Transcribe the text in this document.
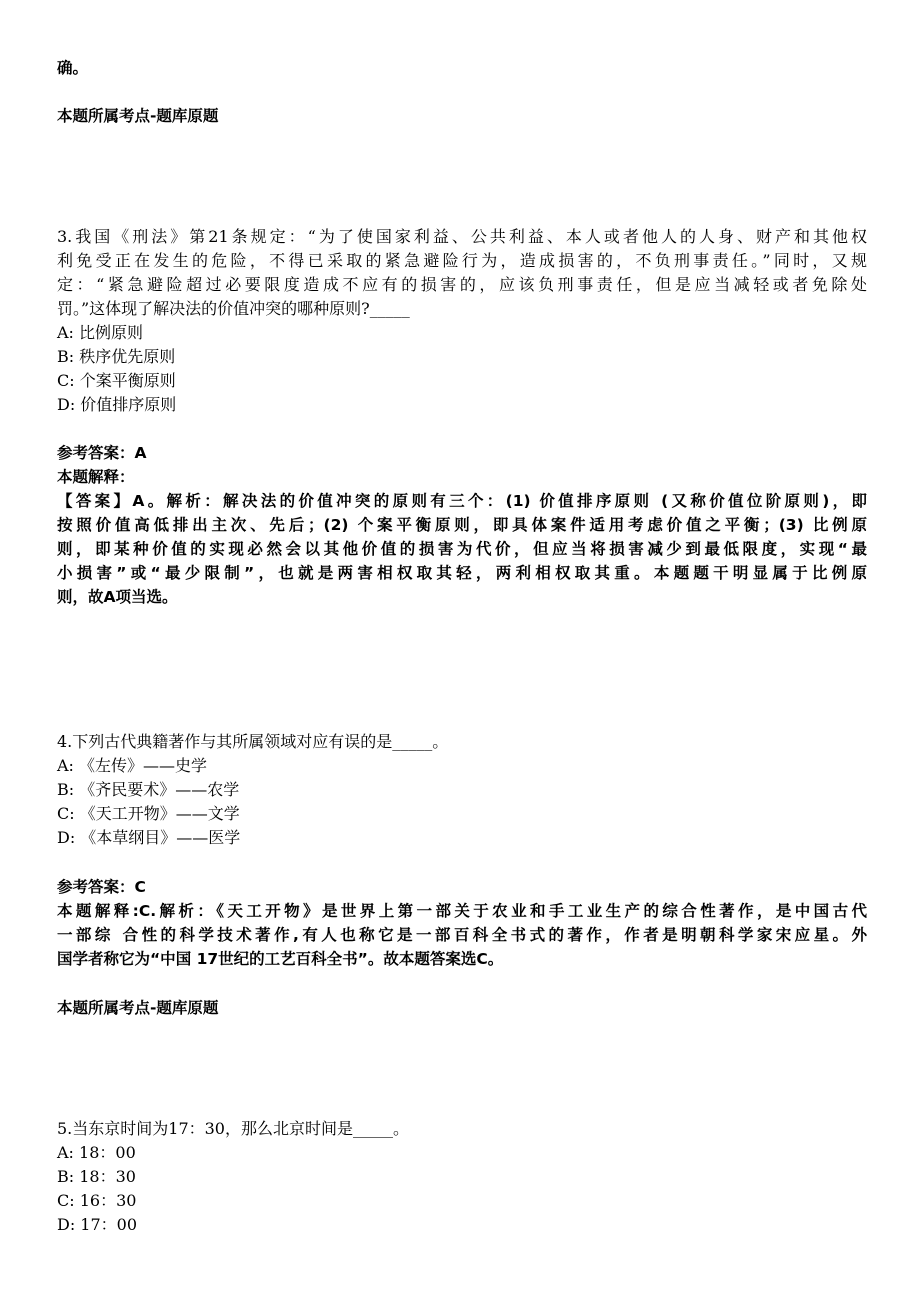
确。
本题所属考点-题库原题
3.我国《刑法》第21条规定：“为了使国家利益、公共利益、本人或者他人的人身、财产和其他权
利免受正在发生的危险，不得已采取的紧急避险行为，造成损害的，不负刑事责任。”同时，又规
定：“紧急避险超过必要限度造成不应有的损害的，应该负刑事责任，但是应当减轻或者免除处
罚。”这体现了解决法的价值冲突的哪种原则?_____
A: 比例原则
B: 秩序优先原则
C: 个案平衡原则
D: 价值排序原则
参考答案：A
本题解释：
【答案】A。解析：解决法的价值冲突的原则有三个：(1) 价值排序原则 (又称价值位阶原则)，即
按照价值高低排出主次、先后；(2) 个案平衡原则，即具体案件适用考虑价值之平衡；(3) 比例原
则，即某种价值的实现必然会以其他价值的损害为代价，但应当将损害减少到最低限度，实现“最
小损害”或“最少限制”，也就是两害相权取其轻，两利相权取其重。本题题干明显属于比例原
则，故A项当选。
4.下列古代典籍著作与其所属领域对应有误的是_____。
A: 《左传》——史学
B: 《齐民要术》——农学
C: 《天工开物》——文学
D: 《本草纲目》——医学
参考答案：C
本题解释:C.解析：《天工开物》是世界上第一部关于农业和手工业生产的综合性著作，是中国古代
一部综 合性的科学技术著作,有人也称它是一部百科全书式的著作，作者是明朝科学家宋应星。外
国学者称它为“中国 17世纪的工艺百科全书”。故本题答案选C。
本题所属考点-题库原题
5.当东京时间为17：30，那么北京时间是_____。
A: 18：00
B: 18：30
C: 16：30
D: 17：00
